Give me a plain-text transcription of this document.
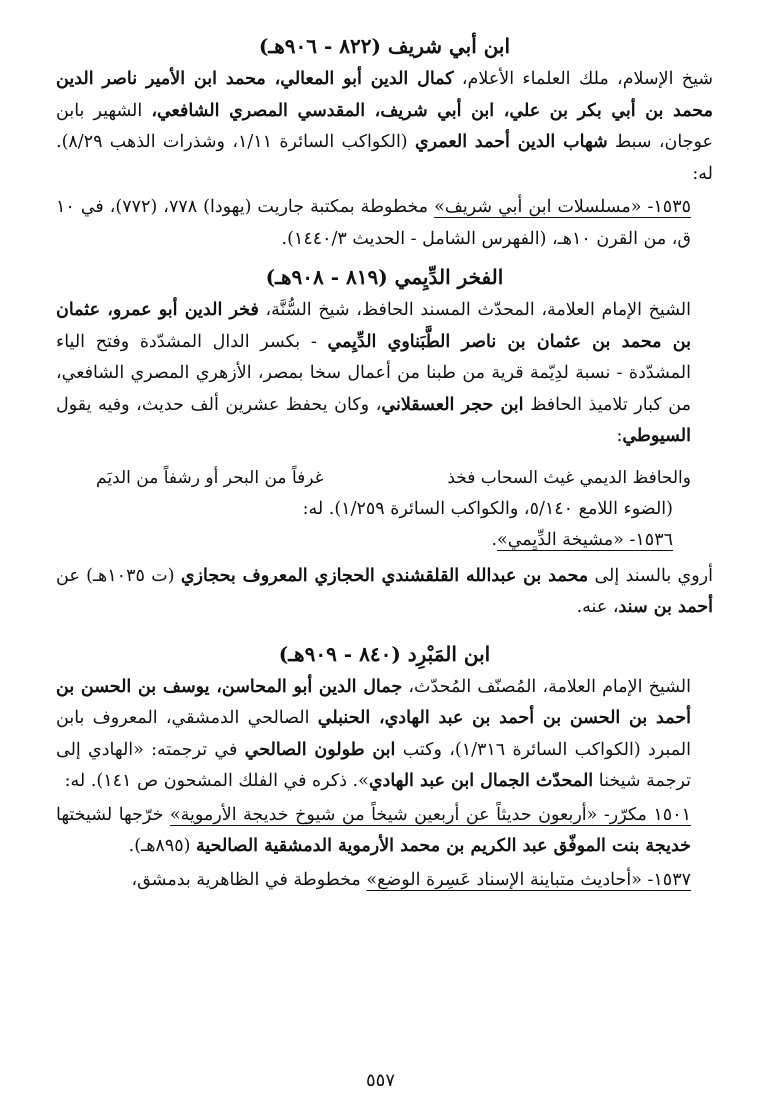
ابن أبي شريف (٨٢٢ - ٩٠٦هـ)

شيخ الإسلام، ملك العلماء الأعلام، كمال الدين أبو المعالي، محمد ابن الأمير ناصر الدين محمد بن أبي بكر بن علي، ابن أبي شريف، المقدسي المصري الشافعي، الشهير بابن عوجان، سبط شهاب الدين أحمد العمري (الكواكب السائرة ١/١١، وشذرات الذهب ٨/٢٩). له:

١٥٣٥- «مسلسلات ابن أبي شريف» مخطوطة بمكتبة جاريت (يهودا) ٧٧٨، (٧٧٢)، في ١٠ ق، من القرن ١٠هـ، (الفهرس الشامل - الحديث ١٤٤٠/٣).

الفخر الدِّيِمي (٨١٩ - ٩٠٨هـ)

الشيخ الإمام العلامة، المحدّث المسند الحافظ، شيخ السُّنَّة، فخر الدين أبو عمرو، عثمان بن محمد بن عثمان بن ناصر الطَّبَناوي الدِّيِمي - بكسر الدال المشدّدة وفتح الياء المشدّدة - نسبة لدِيّمة قرية من طبنا من أعمال سخا بمصر، الأزهري المصري الشافعي، من كبار تلاميذ الحافظ ابن حجر العسقلاني، وكان يحفظ عشرين ألف حديث، وفيه يقول السيوطي:

والحافظ الديمي غيث السحاب فخذ
غرفاً من البحر أو رشفاً من الديَم

(الضوء اللامع ٥/١٤٠، والكواكب السائرة ١/٢٥٩). له:

١٥٣٦- «مشيخة الدِّيِمي».

أروي بالسند إلى محمد بن عبدالله القلقشندي الحجازي المعروف بحجازي (ت ١٠٣٥هـ) عن أحمد بن سند، عنه.

ابن المَبْرِد (٨٤٠ - ٩٠٩هـ)

الشيخ الإمام العلامة، المُصنّف المُحدّث، جمال الدين أبو المحاسن، يوسف بن الحسن بن أحمد بن الحسن بن أحمد بن عبد الهادي، الحنبلي الصالحي الدمشقي، المعروف بابن المبرد (الكواكب السائرة ١/٣١٦)، وكتب ابن طولون الصالحي في ترجمته: «الهادي إلى ترجمة شيخنا المحدّث الجمال ابن عبد الهادي». ذكره في الفلك المشحون ص ١٤١). له:

١٥٠١ مكرّر- «أربعون حديثاً عن أربعين شيخاً من شيوخ خديجة الأرموية» خرّجها لشيختها خديجة بنت الموفّق عبد الكريم بن محمد الأرموية الدمشقية الصالحية (٨٩٥هـ).

١٥٣٧- «أحاديث متباينة الإسناد عَسِرة الوضع» مخطوطة في الظاهرية بدمشق،

٥٥٧
